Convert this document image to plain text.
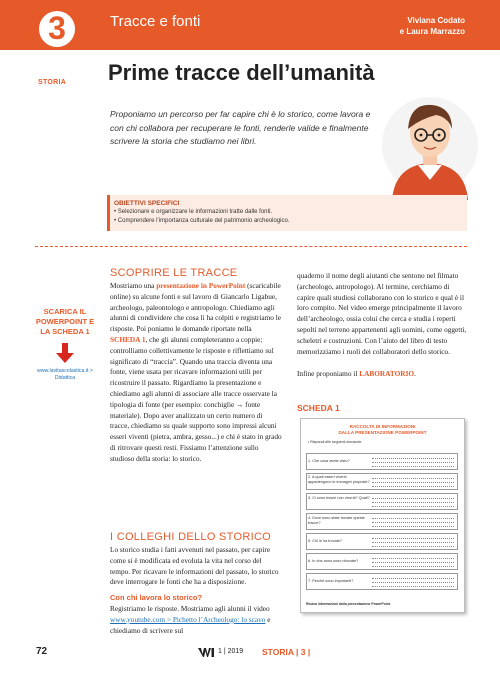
3	Tracce e fonti	Viviana Codato
e Laura Marrazzo
STORIA Prime tracce dell’umanità
Proponiamo un percorso per far capire chi è lo storico, come lavora e con chi collabora per recuperare le fonti, renderle valide e finalmente scrivere la storia che studiamo nei libri.
OBIETTIVI SPECIFICI
• Selezionare e organizzare le informazioni tratte dalle fonti.
• Comprendere l’importanza culturale del patrimonio archeologico.
SCARICA IL POWERPOINT E LA SCHEDA 1
www.lavitascolastica.it > Didattica
SCOPRIRE LE TRACCE
Mostriamo una presentazione in PowerPoint (scaricabile online) su alcune fonti e sul lavoro di Giancarlo Ligabue, archeologo, paleontologo e antropologo. Chiediamo agli alunni di condividere che cosa li ha colpiti e registriamo le risposte. Poi poniamo le domande riportate nella SCHEDA 1, che gli alunni completeranno a coppie; controlliamo collettivamente le risposte e riflettiamo sul significato di “traccia”. Quando una traccia diventa una fonte, viene usata per ricavare informazioni utili per ricostruire il passato. Rigardiamo la presentazione e chiediamo agli alunni di associare alle tracce osservate la tipologia di fonte (per esempio: conchiglie → fonte materiale). Dopo aver analizzato un certo numero di tracce, chiediamo su quale supporto sono impressi alcuni esseri viventi (pietra, ambra, gesso...) e chi è stato in grado di ritrovare questi resti. Fissiamo l’attenzione sullo studioso della storia: lo storico.
I COLLEGHI DELLO STORICO
Lo storico studia i fatti avvenuti nel passato, per capire come si è modificata ed evoluta la vita nel corso del tempo. Per ricavare le informazioni del passato, lo storico deve interrogare le fonti che ha a disposizione.
Con chi lavora lo storico?
Registriamo le risposte. Mostriamo agli alunni il video www.youtube.com > Pichetto l’Archeologo: lo scavo e chiediamo di scrivere sul
quaderno il nome degli aiutanti che sentono nel filmato (archeologo, antropologo). Al termine, cerchiamo di capire quali studiosi collaborano con lo storico e qual è il loro compito. Nel video emerge principalmente il lavoro dell’archeologo, ossia colui che cerca e studia i reperti sepolti nel terreno appartenenti agli uomini, come oggetti, scheletri e costruzioni. Con l’aiuto del libro di testo memorizziamo i ruoli dei collaboratori dello storico.
Infine proponiamo il LABORATORIO.
SCHEDA 1
RACCOLTA DI INFORMAZIONI
DALLA PRESENTAZIONE POWERPOINT
• Rispondi alle seguenti domande.
1. Che cosa avete visto?
2. A quali esseri viventi appartengono le immagini proposte?
3. Ci sono esseri non viventi? Quali?
4. Dove sono state trovate queste tracce?
5. Chi le ha trovate?
6. In che anno sono ritrovate?
7. Perché sono importanti?
Ricava informazioni dalla presentazione PowerPoint.
72	1 | 2019 STORIA | 3 |
